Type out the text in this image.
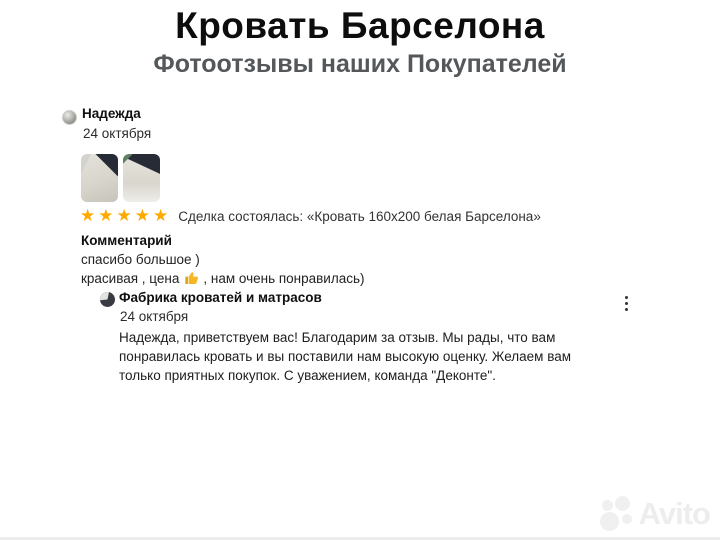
Кровать Барселона
Фотоотзывы наших Покупателей
Надежда
24 октября
★★★★★ Сделка состоялась: «Кровать 160x200 белая Барселона»
Комментарий
спасибо большое )
красивая , цена , нам очень понравилась)
Фабрика кроватей и матрасов
24 октября
Надежда, приветствуем вас! Благодарим за отзыв. Мы рады, что вам понравилась кровать и вы поставили нам высокую оценку. Желаем вам только приятных покупок. С уважением, команда "Деконте".
Avito
